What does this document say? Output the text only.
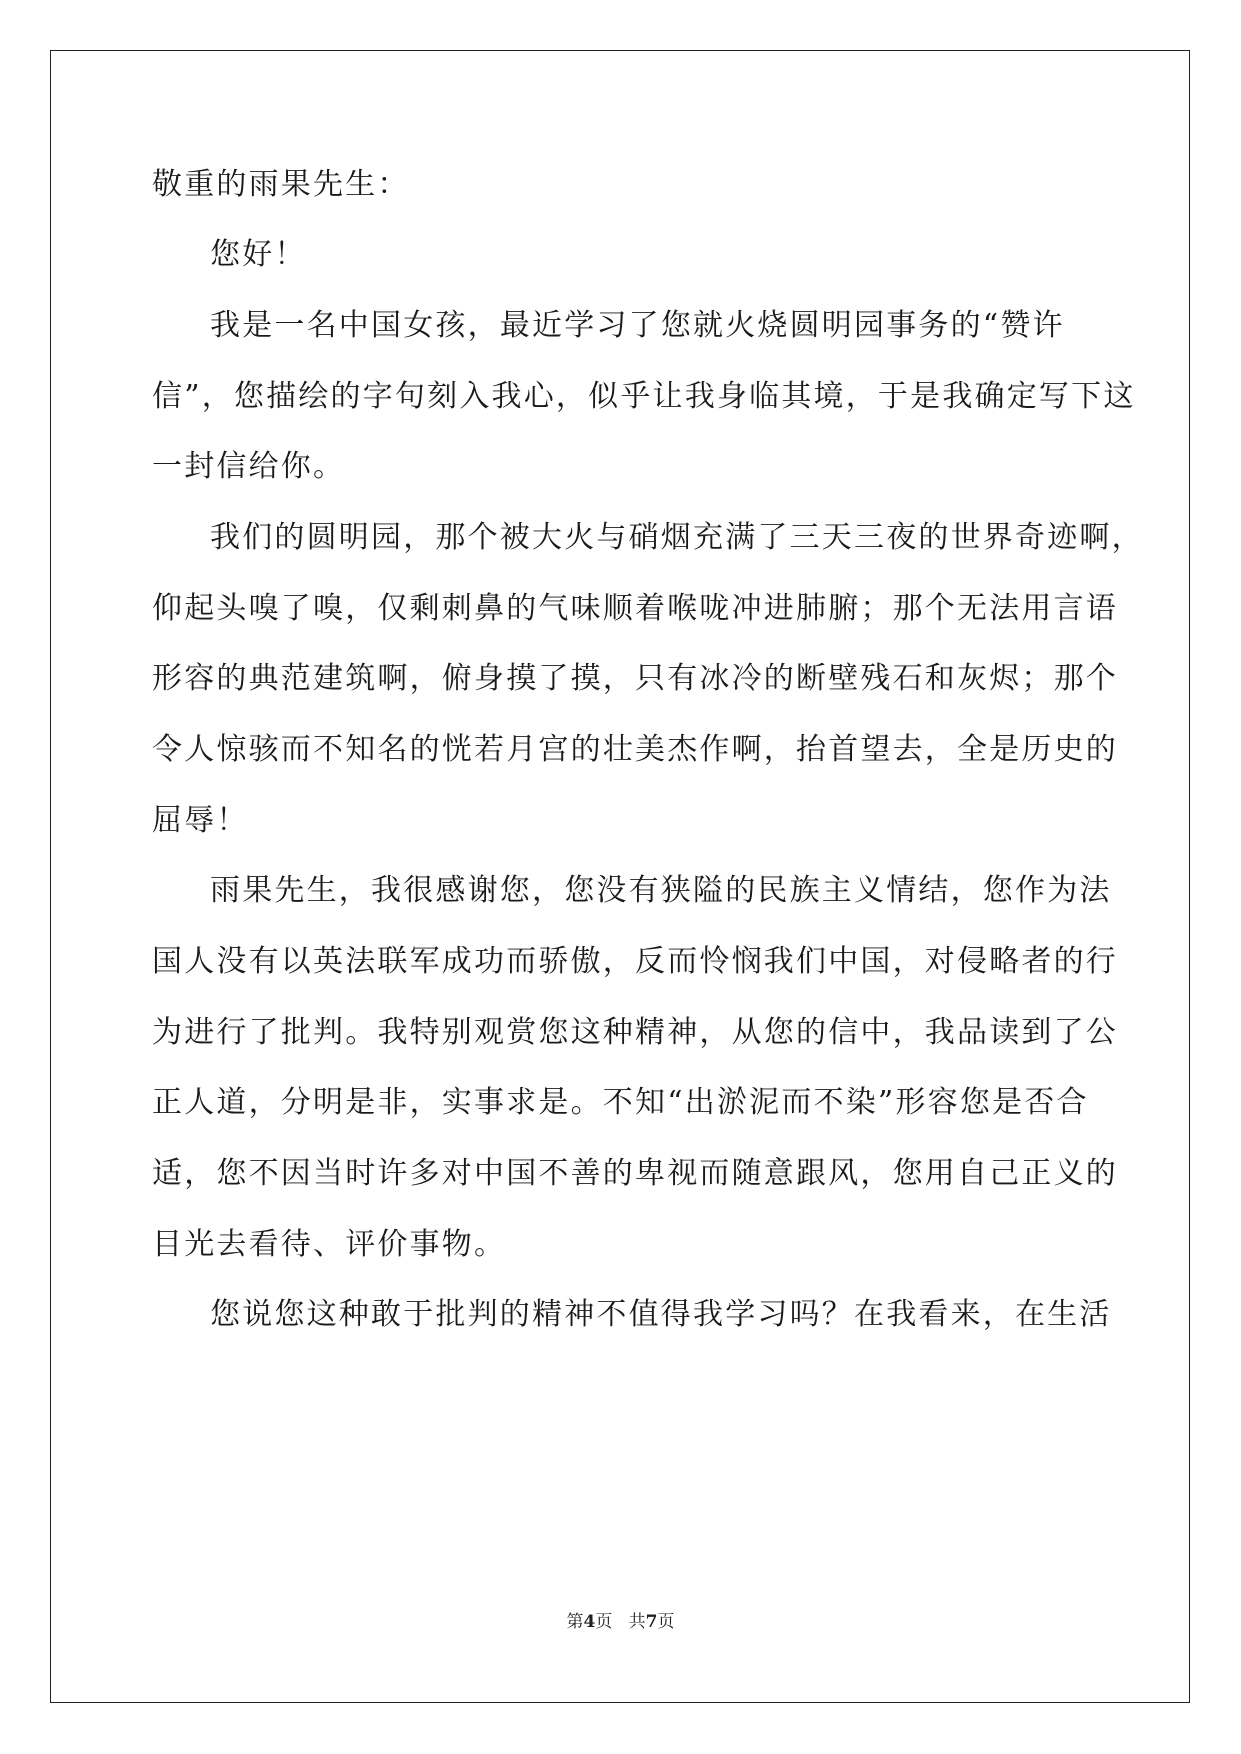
敬重的雨果先生：
您好！
我是一名中国女孩，最近学习了您就火烧圆明园事务的“赞许
信”，您描绘的字句刻入我心，似乎让我身临其境，于是我确定写下这
一封信给你。
我们的圆明园，那个被大火与硝烟充满了三天三夜的世界奇迹啊，
仰起头嗅了嗅，仅剩刺鼻的气味顺着喉咙冲进肺腑；那个无法用言语
形容的典范建筑啊，俯身摸了摸，只有冰冷的断壁残石和灰烬；那个
令人惊骇而不知名的恍若月宫的壮美杰作啊，抬首望去，全是历史的
屈辱！
雨果先生，我很感谢您，您没有狭隘的民族主义情结，您作为法
国人没有以英法联军成功而骄傲，反而怜悯我们中国，对侵略者的行
为进行了批判。我特别观赏您这种精神，从您的信中，我品读到了公
正人道，分明是非，实事求是。不知“出淤泥而不染”形容您是否合
适，您不因当时许多对中国不善的卑视而随意跟风，您用自己正义的
目光去看待、评价事物。
您说您这种敢于批判的精神不值得我学习吗？在我看来，在生活
第4页 共7页
